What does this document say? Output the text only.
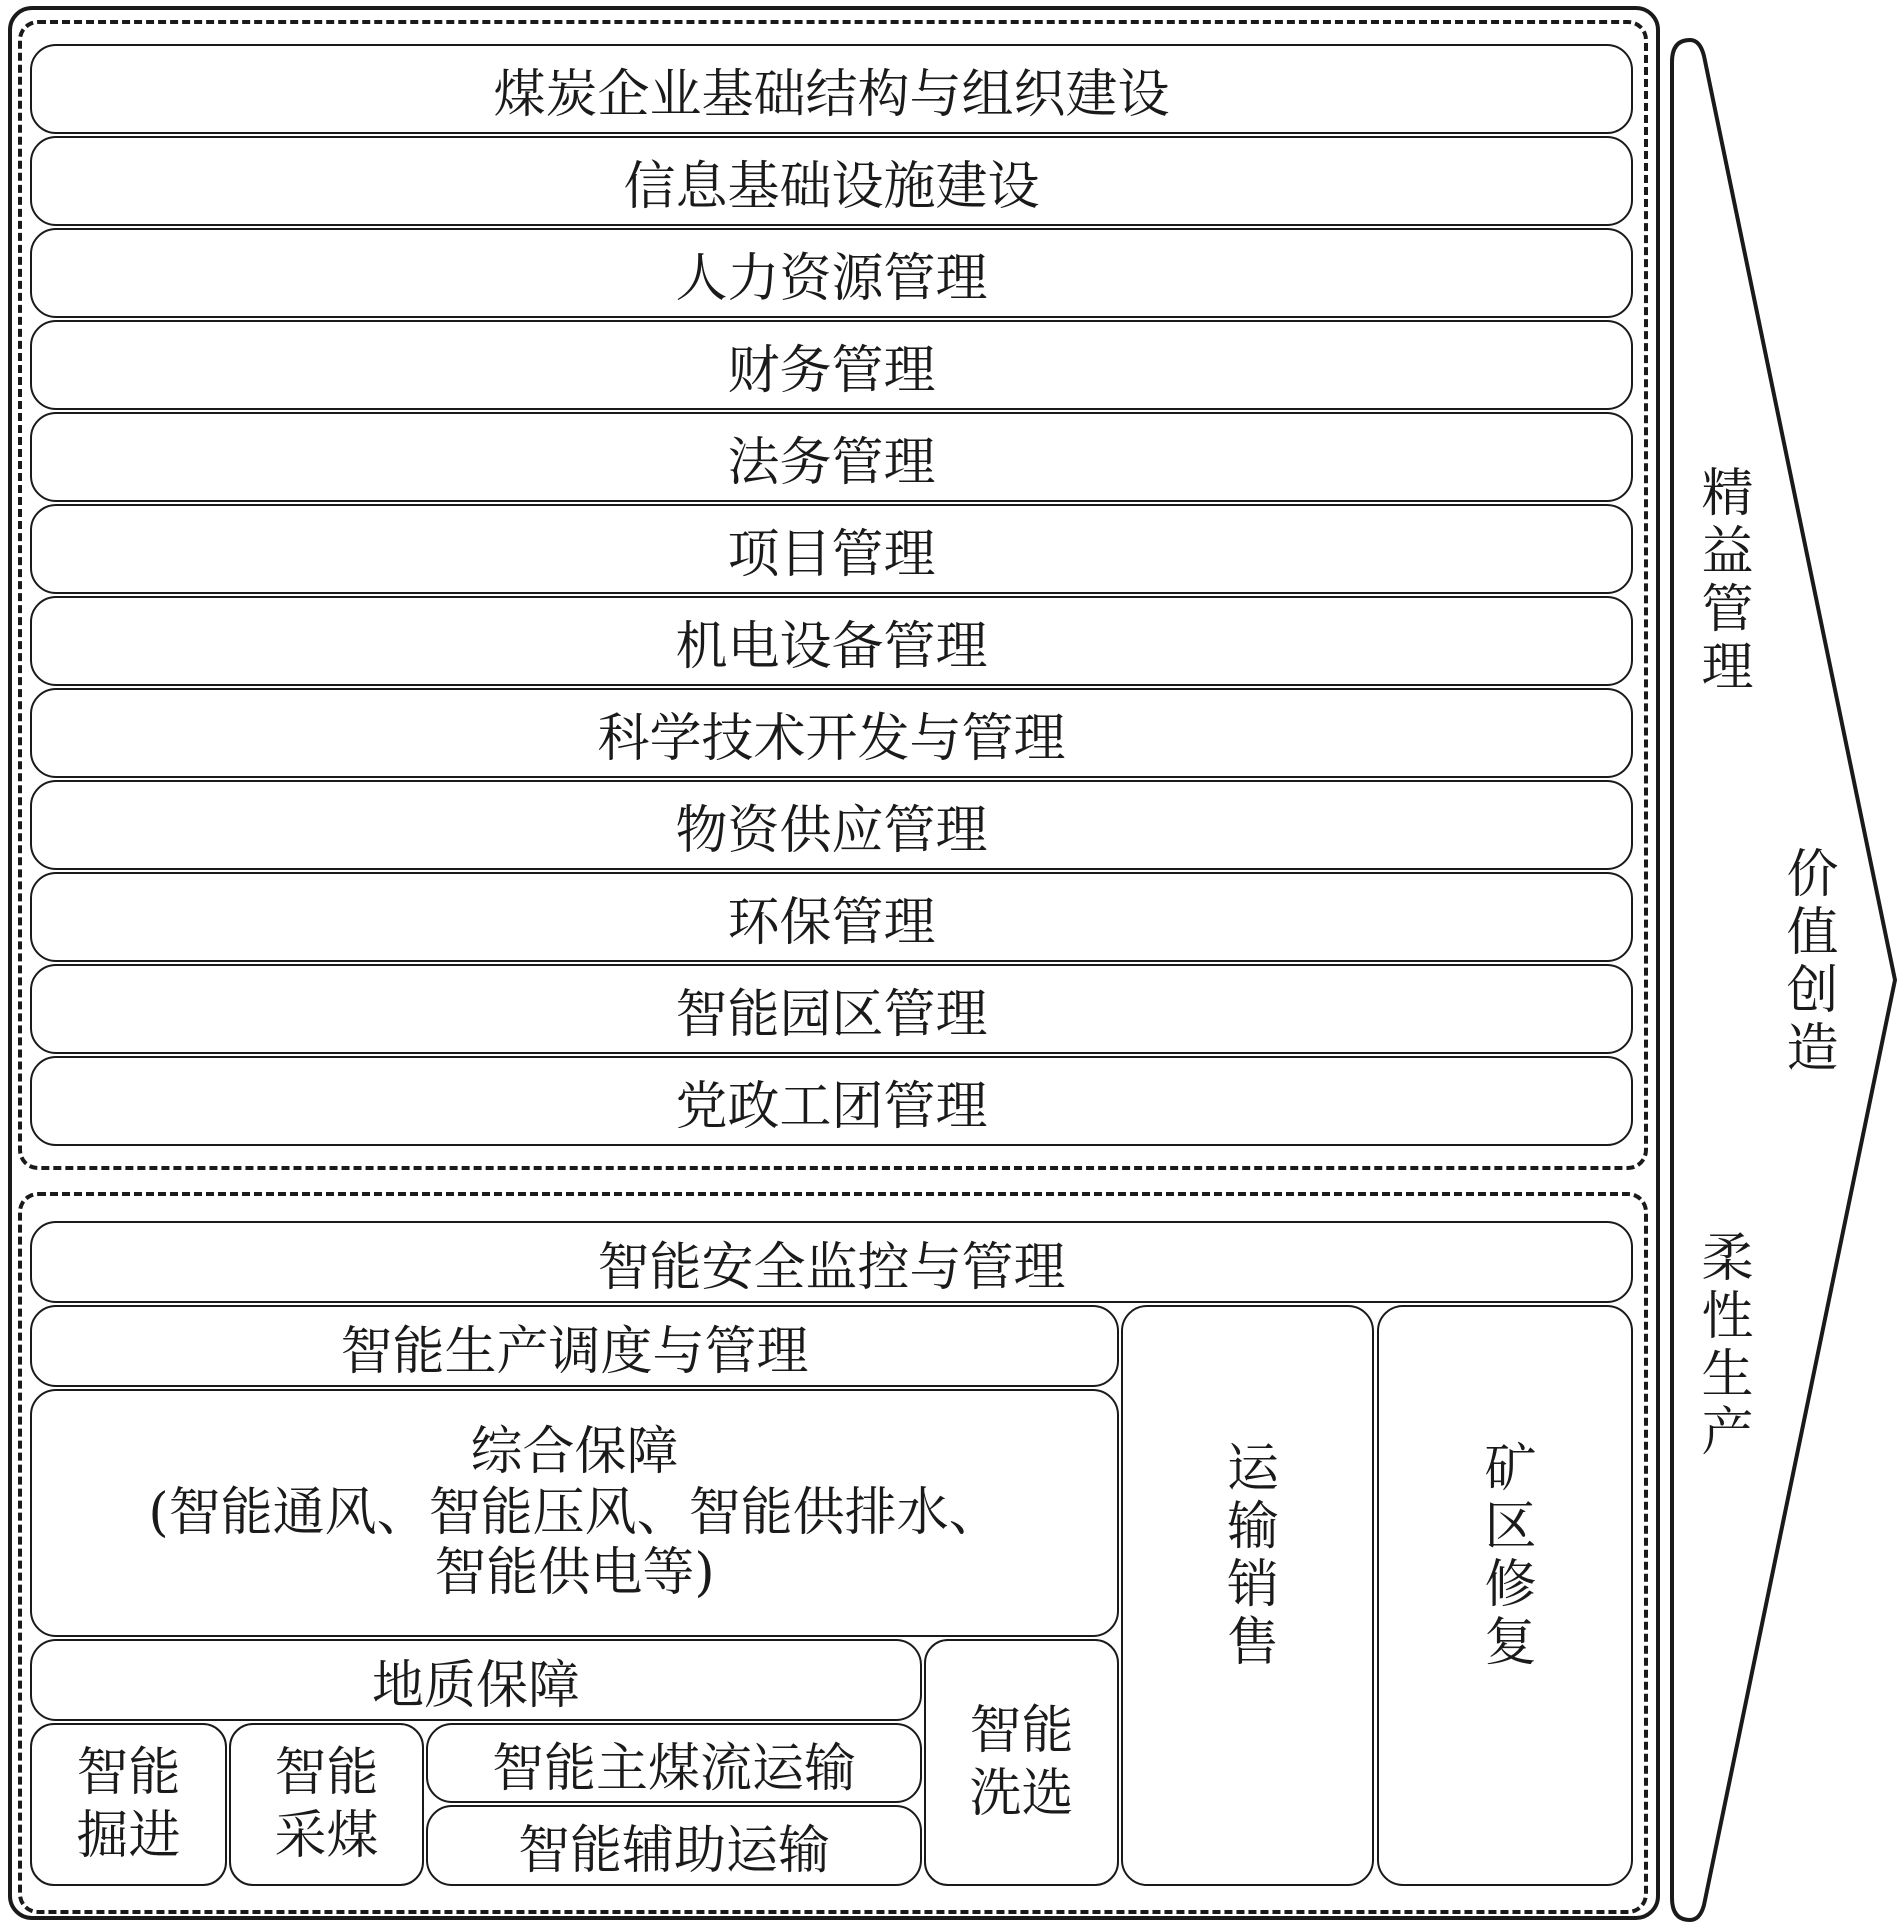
煤炭企业基础结构与组织建设
信息基础设施建设
人力资源管理
财务管理
法务管理
项目管理
机电设备管理
科学技术开发与管理
物资供应管理
环保管理
智能园区管理
党政工团管理
智能安全监控与管理
智能生产调度与管理
综合保障
(智能通风、智能压风、智能供排水、
智能供电等)
地质保障
智能掘进
智能采煤
智能主煤流运输
智能辅助运输
智能洗选
运输销售	矿区修复
精益管理
价值创造
柔性生产
